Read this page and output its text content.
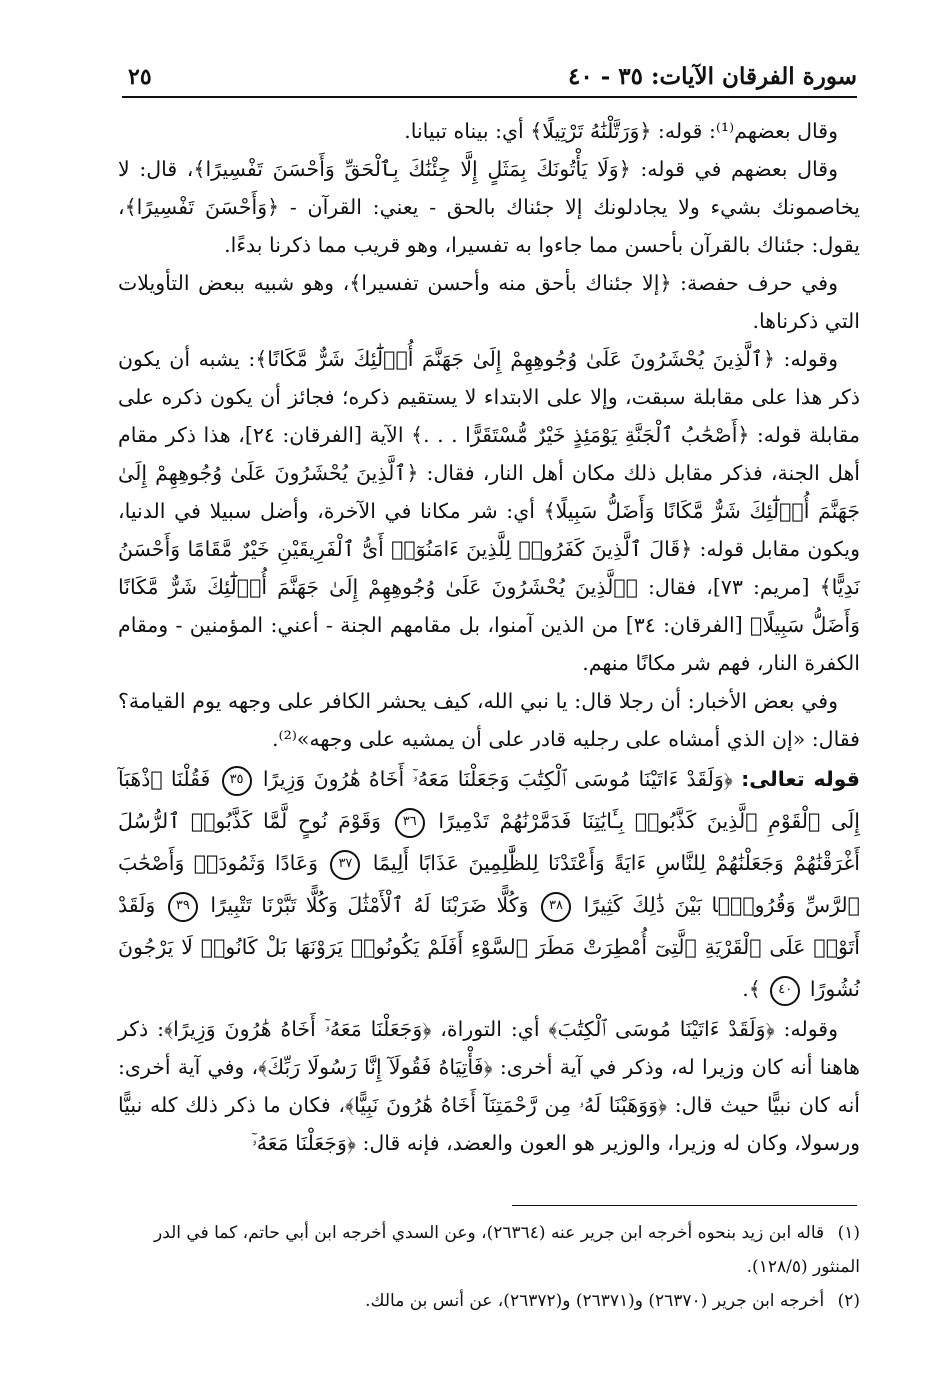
سورة الفرقان الآيات: ٣٥ - ٤٠
٢٥

وقال بعضهم⁽¹⁾: قوله: ﴿وَرَتَّلْنَٰهُ تَرْتِيلًا﴾ أي: بيناه تبيانا.

وقال بعضهم في قوله: ﴿وَلَا يَأْتُونَكَ بِمَثَلٍ إِلَّا جِئْنَٰكَ بِٱلْحَقِّ وَأَحْسَنَ تَفْسِيرًا﴾، قال: لا يخاصمونك بشيء ولا يجادلونك إلا جئناك بالحق - يعني: القرآن - ﴿وَأَحْسَنَ تَفْسِيرًا﴾، يقول: جئناك بالقرآن بأحسن مما جاءوا به تفسيرا، وهو قريب مما ذكرنا بدءًا.

وفي حرف حفصة: ﴿إلا جئناك بأحق منه وأحسن تفسيرا﴾، وهو شبيه ببعض التأويلات التي ذكرناها.

وقوله: ﴿ٱلَّذِينَ يُحْشَرُونَ عَلَىٰ وُجُوهِهِمْ إِلَىٰ جَهَنَّمَ أُو۟لَٰٓئِكَ شَرٌّ مَّكَانًا﴾: يشبه أن يكون ذكر هذا على مقابلة سبقت، وإلا على الابتداء لا يستقيم ذكره؛ فجائز أن يكون ذكره على مقابلة قوله: ﴿أَصْحَٰبُ ٱلْجَنَّةِ يَوْمَئِذٍ خَيْرٌ مُّسْتَقَرًّا . . .﴾ الآية [الفرقان: ٢٤]، هذا ذكر مقام أهل الجنة، فذكر مقابل ذلك مكان أهل النار، فقال: ﴿ٱلَّذِينَ يُحْشَرُونَ عَلَىٰ وُجُوهِهِمْ إِلَىٰ جَهَنَّمَ أُو۟لَٰٓئِكَ شَرٌّ مَّكَانًا وَأَضَلُّ سَبِيلًا﴾ أي: شر مكانا في الآخرة، وأضل سبيلا في الدنيا، ويكون مقابل قوله: ﴿قَالَ ٱلَّذِينَ كَفَرُوا۟ لِلَّذِينَ ءَامَنُوٓا۟ أَىُّ ٱلْفَرِيقَيْنِ خَيْرٌ مَّقَامًا وَأَحْسَنُ نَدِيًّا﴾ [مريم: ٧٣]، فقال: ﴿ٱلَّذِينَ يُحْشَرُونَ عَلَىٰ وُجُوهِهِمْ إِلَىٰ جَهَنَّمَ أُو۟لَٰٓئِكَ شَرٌّ مَّكَانًا وَأَضَلُّ سَبِيلًا﴾ [الفرقان: ٣٤] من الذين آمنوا، بل مقامهم الجنة - أعني: المؤمنين - ومقام الكفرة النار، فهم شر مكانًا منهم.

وفي بعض الأخبار: أن رجلا قال: يا نبي الله، كيف يحشر الكافر على وجهه يوم القيامة؟ فقال: «إن الذي أمشاه على رجليه قادر على أن يمشيه على وجهه»⁽²⁾.

قوله تعالى: ﴿وَلَقَدْ ءَاتَيْنَا مُوسَى ٱلْكِتَٰبَ وَجَعَلْنَا مَعَهُۥٓ أَخَاهُ هَٰرُونَ وَزِيرًا ٣٥ فَقُلْنَا ٱذْهَبَآ إِلَى ٱلْقَوْمِ ٱلَّذِينَ كَذَّبُوا۟ بِـَٔايَٰتِنَا فَدَمَّرْنَٰهُمْ تَدْمِيرًا ٣٦ وَقَوْمَ نُوحٍ لَّمَّا كَذَّبُوا۟ ٱلرُّسُلَ أَغْرَقْنَٰهُمْ وَجَعَلْنَٰهُمْ لِلنَّاسِ ءَايَةً وَأَعْتَدْنَا لِلظَّٰلِمِينَ عَذَابًا أَلِيمًا ٣٧ وَعَادًا وَثَمُودَا۟ وَأَصْحَٰبَ ٱلرَّسِّ وَقُرُونًۢا بَيْنَ ذَٰلِكَ كَثِيرًا ٣٨ وَكُلًّا ضَرَبْنَا لَهُ ٱلْأَمْثَٰلَ وَكُلًّا تَبَّرْنَا تَتْبِيرًا ٣٩ وَلَقَدْ أَتَوْا۟ عَلَى ٱلْقَرْيَةِ ٱلَّتِىٓ أُمْطِرَتْ مَطَرَ ٱلسَّوْءِ أَفَلَمْ يَكُونُوا۟ يَرَوْنَهَا بَلْ كَانُوا۟ لَا يَرْجُونَ نُشُورًا ٤٠ ﴾.

وقوله: ﴿وَلَقَدْ ءَاتَيْنَا مُوسَى ٱلْكِتَٰبَ﴾ أي: التوراة، ﴿وَجَعَلْنَا مَعَهُۥٓ أَخَاهُ هَٰرُونَ وَزِيرًا﴾: ذكر هاهنا أنه كان وزيرا له، وذكر في آية أخرى: ﴿فَأْتِيَاهُ فَقُولَآ إِنَّا رَسُولَا رَبِّكَ﴾، وفي آية أخرى: أنه كان نبيًّا حيث قال: ﴿وَوَهَبْنَا لَهُۥ مِن رَّحْمَتِنَآ أَخَاهُ هَٰرُونَ نَبِيًّا﴾، فكان ما ذكر ذلك كله نبيًّا ورسولا، وكان له وزيرا، والوزير هو العون والعضد، فإنه قال: ﴿وَجَعَلْنَا مَعَهُۥٓ

(١) قاله ابن زيد بنحوه أخرجه ابن جرير عنه (٢٦٣٦٤)، وعن السدي أخرجه ابن أبي حاتم، كما في الدر المنثور (١٢٨/٥).

(٢) أخرجه ابن جرير (٢٦٣٧٠) و(٢٦٣٧١) و(٢٦٣٧٢)، عن أنس بن مالك.
